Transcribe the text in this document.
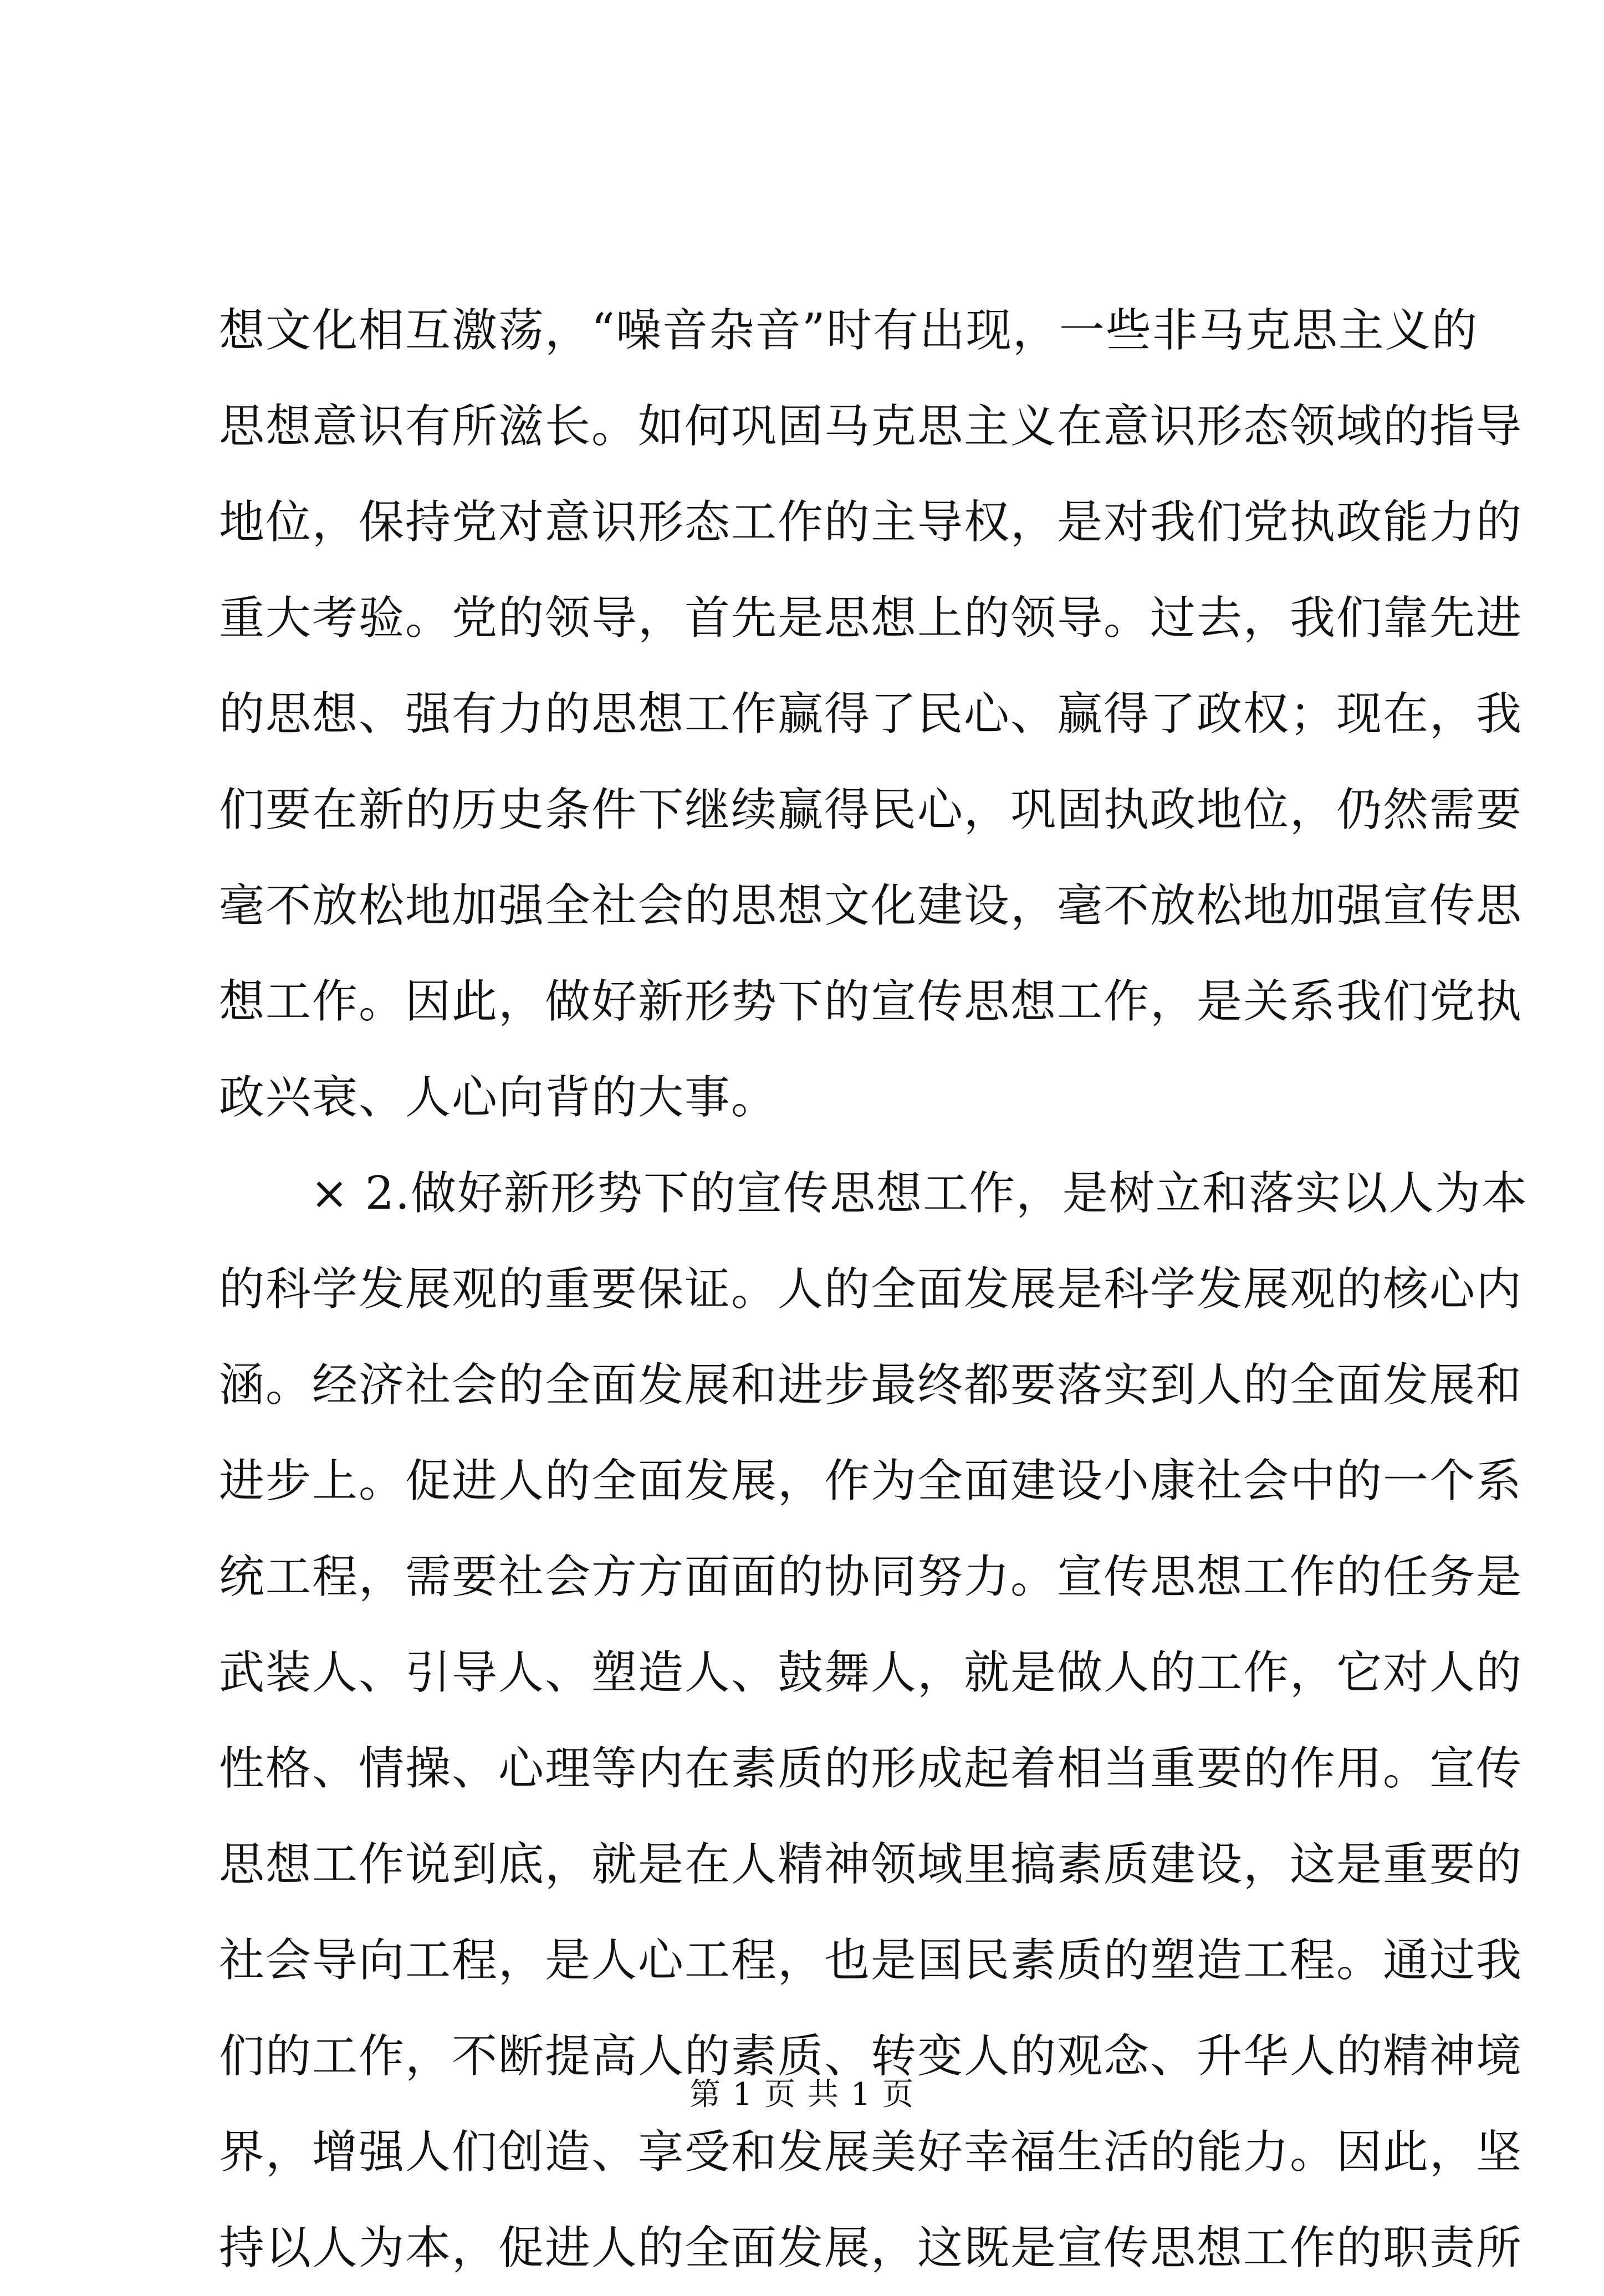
想文化相互激荡，“噪音杂音”时有出现，一些非马克思主义的
思想意识有所滋长。如何巩固马克思主义在意识形态领域的指导
地位，保持党对意识形态工作的主导权，是对我们党执政能力的
重大考验。党的领导，首先是思想上的领导。过去，我们靠先进
的思想、强有力的思想工作赢得了民心、赢得了政权；现在，我
们要在新的历史条件下继续赢得民心，巩固执政地位，仍然需要
毫不放松地加强全社会的思想文化建设，毫不放松地加强宣传思
想工作。因此，做好新形势下的宣传思想工作，是关系我们党执
政兴衰、人心向背的大事。
× 2.做好新形势下的宣传思想工作，是树立和落实以人为本
的科学发展观的重要保证。人的全面发展是科学发展观的核心内
涵。经济社会的全面发展和进步最终都要落实到人的全面发展和
进步上。促进人的全面发展，作为全面建设小康社会中的一个系
统工程，需要社会方方面面的协同努力。宣传思想工作的任务是
武装人、引导人、塑造人、鼓舞人，就是做人的工作，它对人的
性格、情操、心理等内在素质的形成起着相当重要的作用。宣传
思想工作说到底，就是在人精神领域里搞素质建设，这是重要的
社会导向工程，是人心工程，也是国民素质的塑造工程。通过我
们的工作，不断提高人的素质、转变人的观念、升华人的精神境
界，增强人们创造、享受和发展美好幸福生活的能力。因此，坚
持以人为本，促进人的全面发展，这既是宣传思想工作的职责所
第 1 页 共 1 页
